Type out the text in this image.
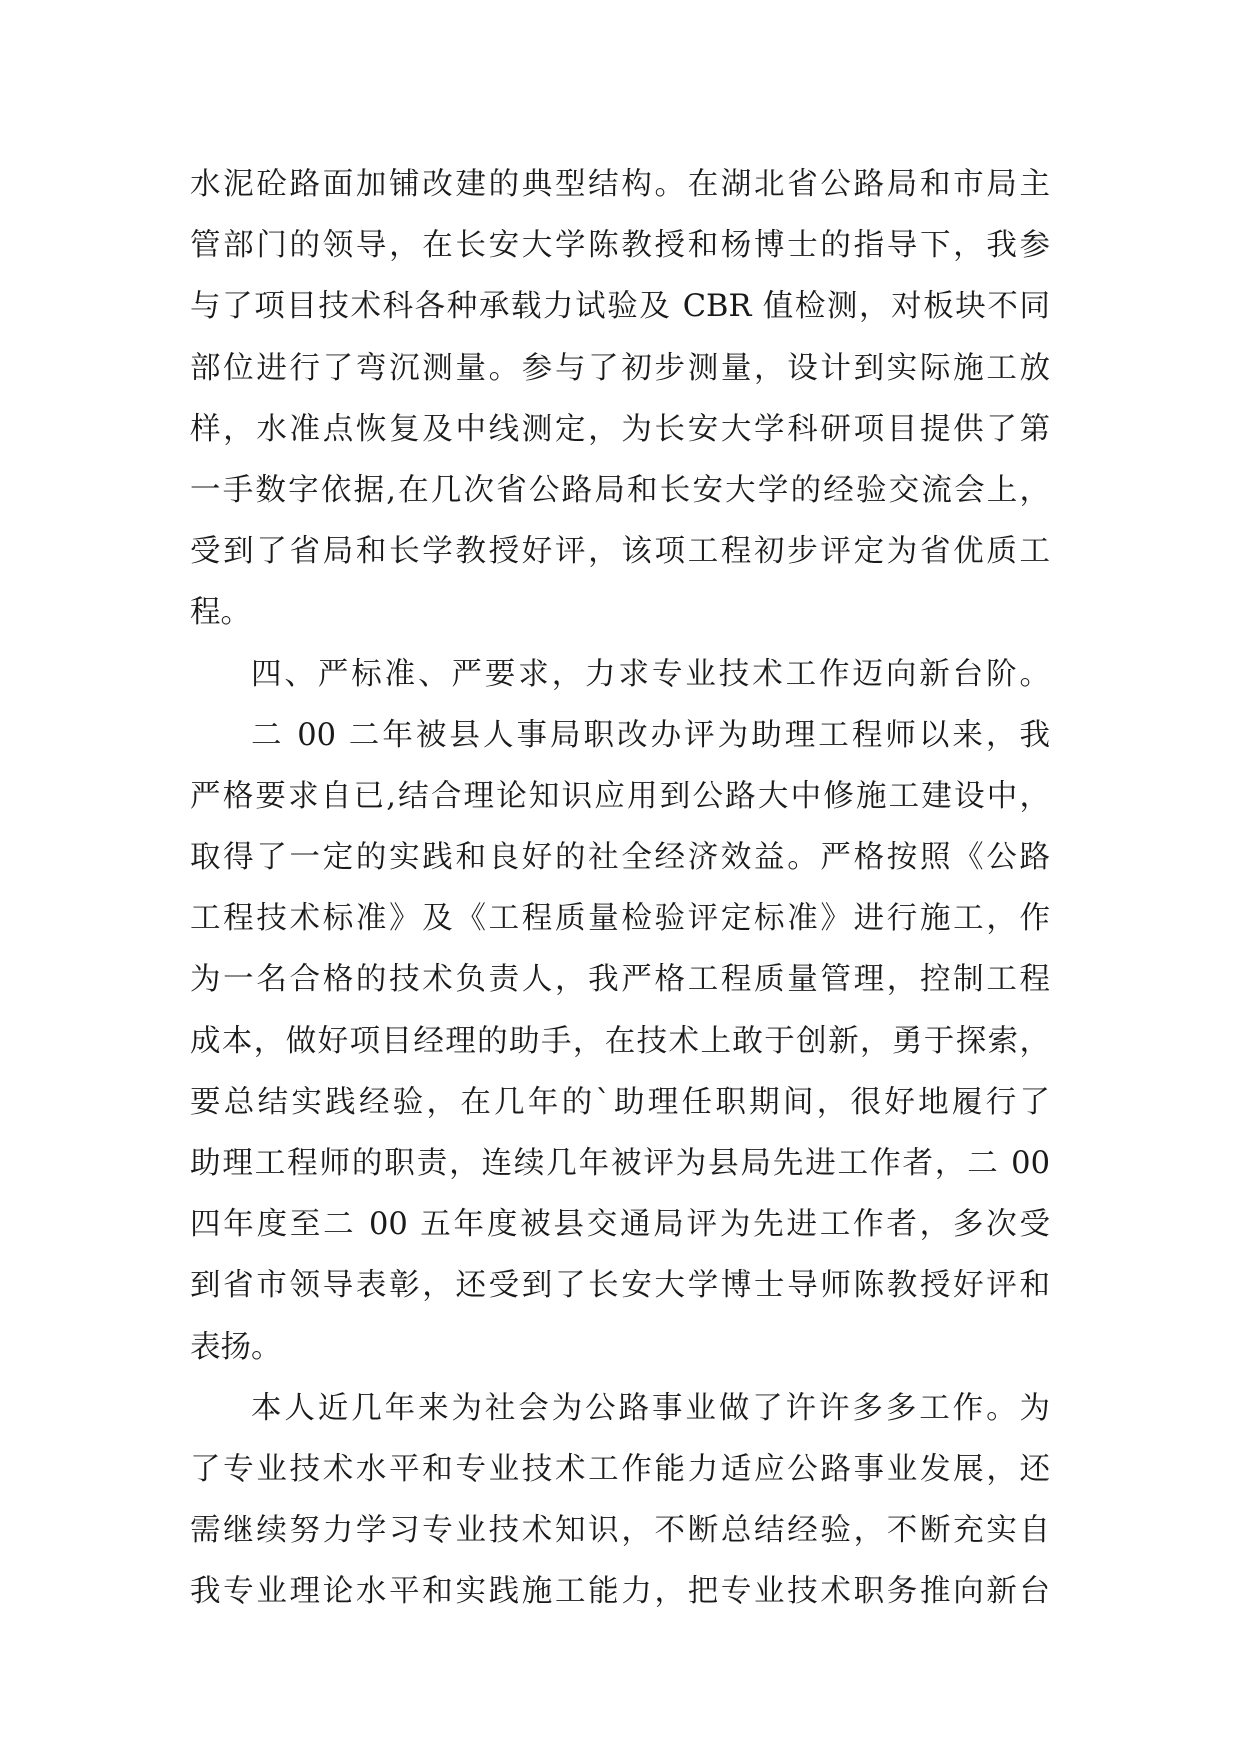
水泥砼路面加铺改建的典型结构。在湖北省公路局和市局主
管部门的领导，在长安大学陈教授和杨博士的指导下，我参
与了项目技术科各种承载力试验及 CBR 值检测，对板块不同
部位进行了弯沉测量。参与了初步测量，设计到实际施工放
样，水准点恢复及中线测定，为长安大学科研项目提供了第
一手数字依据,在几次省公路局和长安大学的经验交流会上，
受到了省局和长学教授好评，该项工程初步评定为省优质工
程。
四、严标准、严要求，力求专业技术工作迈向新台阶。
二 00 二年被县人事局职改办评为助理工程师以来，我
严格要求自已,结合理论知识应用到公路大中修施工建设中，
取得了一定的实践和良好的社全经济效益。严格按照《公路
工程技术标准》及《工程质量检验评定标准》进行施工，作
为一名合格的技术负责人，我严格工程质量管理，控制工程
成本，做好项目经理的助手，在技术上敢于创新，勇于探索，
要总结实践经验，在几年的`助理任职期间，很好地履行了
助理工程师的职责，连续几年被评为县局先进工作者，二 00
四年度至二 00 五年度被县交通局评为先进工作者，多次受
到省市领导表彰，还受到了长安大学博士导师陈教授好评和
表扬。
本人近几年来为社会为公路事业做了许许多多工作。为
了专业技术水平和专业技术工作能力适应公路事业发展，还
需继续努力学习专业技术知识，不断总结经验，不断充实自
我专业理论水平和实践施工能力，把专业技术职务推向新台
